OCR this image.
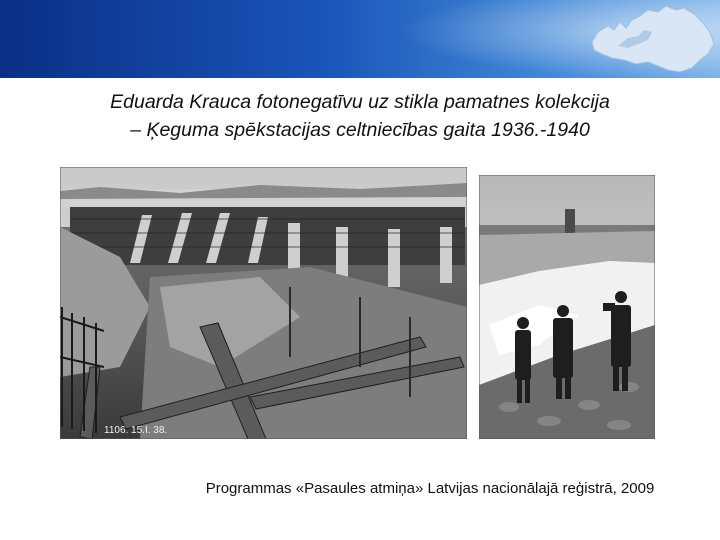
Eduarda Krauca fotonegatīvu uz stikla pamatnes kolekcija
– Ķeguma spēkstacijas celtniecības gaita 1936.-1940
1106. 15.I. 38.
Programmas «Pasaules atmiņa» Latvijas nacionālajā reģistrā, 2009
